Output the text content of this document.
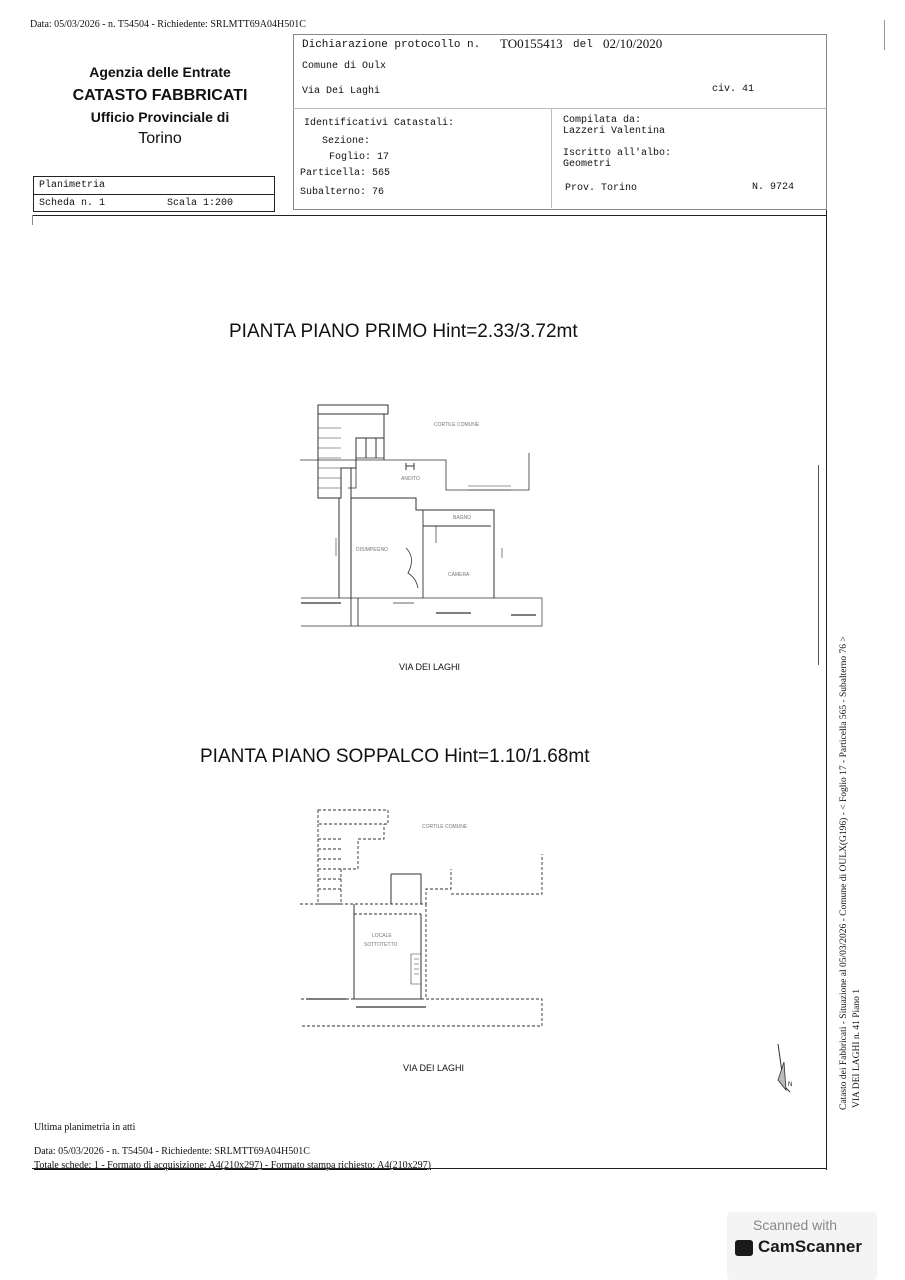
Data: 05/03/2026 - n. T54504 - Richiedente: SRLMTT69A04H501C
Agenzia delle Entrate
CATASTO FABBRICATI
Ufficio Provinciale di
Torino
Planimetria
Scheda n. 1	Scala 1:200
Dichiarazione protocollo n. TO0155413 del 02/10/2020
Comune di Oulx
Via Dei Laghi	civ. 41
Identificativi Catastali:
Sezione:
Foglio: 17
Particella: 565
Subalterno: 76
Compilata da:
Lazzeri Valentina
Iscritto all'albo:
Geometri
Prov. Torino	N. 9724
PIANTA PIANO PRIMO Hint=2.33/3.72mt
CORTILE COMUNE
ANDITO
DISIMPEGNO
BAGNO
CAMERA
VIA DEI LAGHI
PIANTA PIANO SOPPALCO Hint=1.10/1.68mt
CORTILE COMUNE
LOCALE
SOTTOTETTO
VIA DEI LAGHI
N	Catasto dei Fabbricati - Situazione al 05/03/2026 - Comune di OULX(G196) - < Foglio 17 - Particella 565 - Subalterno 76 > VIA DEI LAGHI n. 41 Piano 1
Ultima planimetria in atti
Data: 05/03/2026 - n. T54504 - Richiedente: SRLMTT69A04H501C
Totale schede: 1 - Formato di acquisizione: A4(210x297) - Formato stampa richiesto: A4(210x297)
Scanned with
CamScanner
